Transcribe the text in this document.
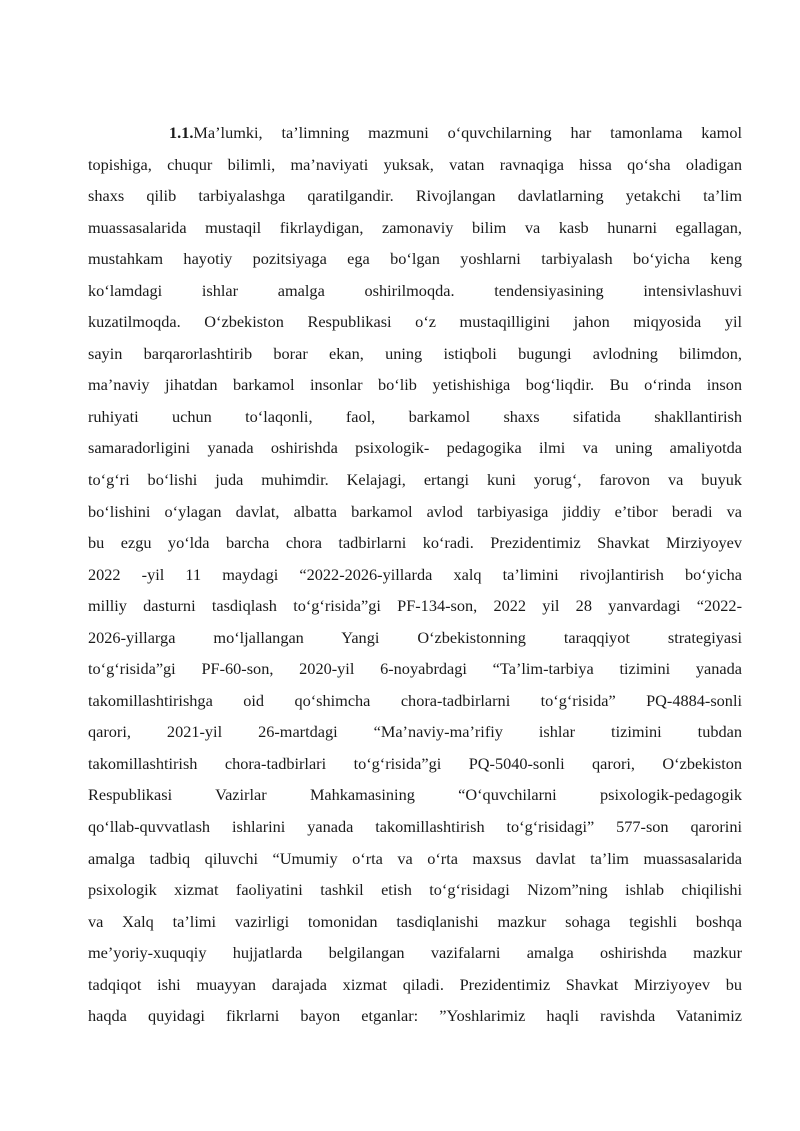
1.1.Ma’lumki, ta’limning mazmuni o‘quvchilarning har tamonlama kamol
topishiga, chuqur bilimli, ma’naviyati yuksak, vatan ravnaqiga hissa qo‘sha oladigan
shaxs qilib tarbiyalashga qaratilgandir. Rivojlangan davlatlarning yetakchi ta’lim
muassasalarida mustaqil fikrlaydigan, zamonaviy bilim va kasb hunarni egallagan,
mustahkam hayotiy pozitsiyaga ega bo‘lgan yoshlarni tarbiyalash bo‘yicha keng
ko‘lamdagi ishlar amalga oshirilmoqda. tendensiyasining intensivlashuvi
kuzatilmoqda. O‘zbekiston Respublikasi o‘z mustaqilligini jahon miqyosida yil
sayin barqarorlashtirib borar ekan, uning istiqboli bugungi avlodning bilimdon,
ma’naviy jihatdan barkamol insonlar bo‘lib yetishishiga bog‘liqdir. Bu o‘rinda inson
ruhiyati uchun to‘laqonli, faol, barkamol shaxs sifatida shakllantirish
samaradorligini yanada oshirishda psixologik- pedagogika ilmi va uning amaliyotda
to‘g‘ri bo‘lishi juda muhimdir. Kelajagi, ertangi kuni yorug‘, farovon va buyuk
bo‘lishini o‘ylagan davlat, albatta barkamol avlod tarbiyasiga jiddiy e’tibor beradi va
bu ezgu yo‘lda barcha chora tadbirlarni ko‘radi. Prezidentimiz Shavkat Mirziyoyev
2022 -yil 11 maydagi “2022-2026-yillarda xalq ta’limini rivojlantirish bo‘yicha
milliy dasturni tasdiqlash to‘g‘risida”gi PF-134-son, 2022 yil 28 yanvardagi “2022-
2026-yillarga mo‘ljallangan Yangi O‘zbekistonning taraqqiyot strategiyasi
to‘g‘risida”gi PF-60-son, 2020-yil 6-noyabrdagi “Ta’lim-tarbiya tizimini yanada
takomillashtirishga oid qo‘shimcha chora-tadbirlarni to‘g‘risida” PQ-4884-sonli
qarori, 2021-yil 26-martdagi “Ma’naviy-ma’rifiy ishlar tizimini tubdan
takomillashtirish chora-tadbirlari to‘g‘risida”gi PQ-5040-sonli qarori, O‘zbekiston
Respublikasi Vazirlar Mahkamasining “O‘quvchilarni psixologik-pedagogik
qo‘llab-quvvatlash ishlarini yanada takomillashtirish to‘g‘risidagi” 577-son qarorini
amalga tadbiq qiluvchi “Umumiy o‘rta va o‘rta maxsus davlat ta’lim muassasalarida
psixologik xizmat faoliyatini tashkil etish to‘g‘risidagi Nizom”ning ishlab chiqilishi
va Xalq ta’limi vazirligi tomonidan tasdiqlanishi mazkur sohaga tegishli boshqa
me’yoriy-xuquqiy hujjatlarda belgilangan vazifalarni amalga oshirishda mazkur
tadqiqot ishi muayyan darajada xizmat qiladi. Prezidentimiz Shavkat Mirziyoyev bu
haqda quyidagi fikrlarni bayon etganlar: ”Yoshlarimiz haqli ravishda Vatanimiz
